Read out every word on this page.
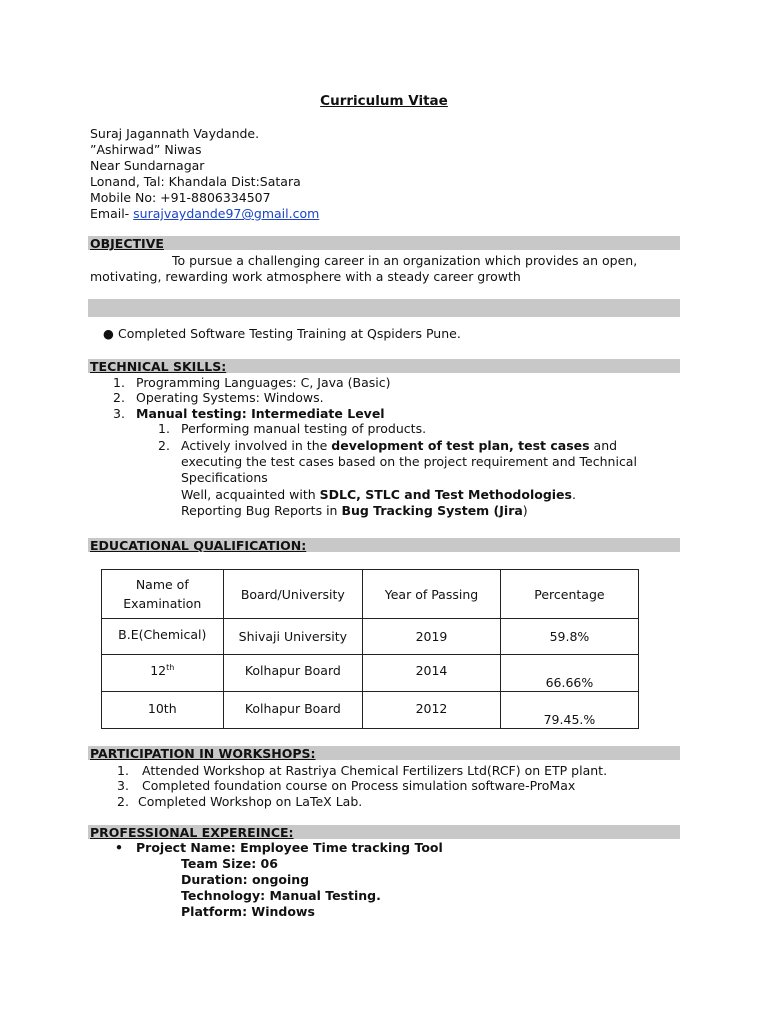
Curriculum Vitae
Suraj Jagannath Vaydande.
”Ashirwad” Niwas
Near Sundarnagar
Lonand, Tal: Khandala Dist:Satara
Mobile No: +91-8806334507
Email- surajvaydande97@gmail.com
OBJECTIVE
To pursue a challenging career in an organization which provides an open,
motivating, rewarding work atmosphere with a steady career growth
● Completed Software Testing Training at Qspiders Pune.
TECHNICAL SKILLS:
1. Programming Languages: C, Java (Basic)
2. Operating Systems: Windows.
3. Manual testing: Intermediate Level
1. Performing manual testing of products.
2. Actively involved in the development of test plan, test cases and
executing the test cases based on the project requirement and Technical
Specifications
Well, acquainted with SDLC, STLC and Test Methodologies.
Reporting Bug Reports in Bug Tracking System (Jira)
EDUCATIONAL QUALIFICATION:
Name of
Examination	Board/University	Year of Passing	Percentage
B.E(Chemical)	Shivaji University	2019	59.8%
12th	Kolhapur Board	2014	66.66%
10th	Kolhapur Board	2012	79.45.%
PARTICIPATION IN WORKSHOPS:
1. Attended Workshop at Rastriya Chemical Fertilizers Ltd(RCF) on ETP plant.
3. Completed foundation course on Process simulation software-ProMax
2. Completed Workshop on LaTeX Lab.
PROFESSIONAL EXPEREINCE:
• Project Name: Employee Time tracking Tool
Team Size: 06
Duration: ongoing
Technology: Manual Testing.
Platform: Windows
